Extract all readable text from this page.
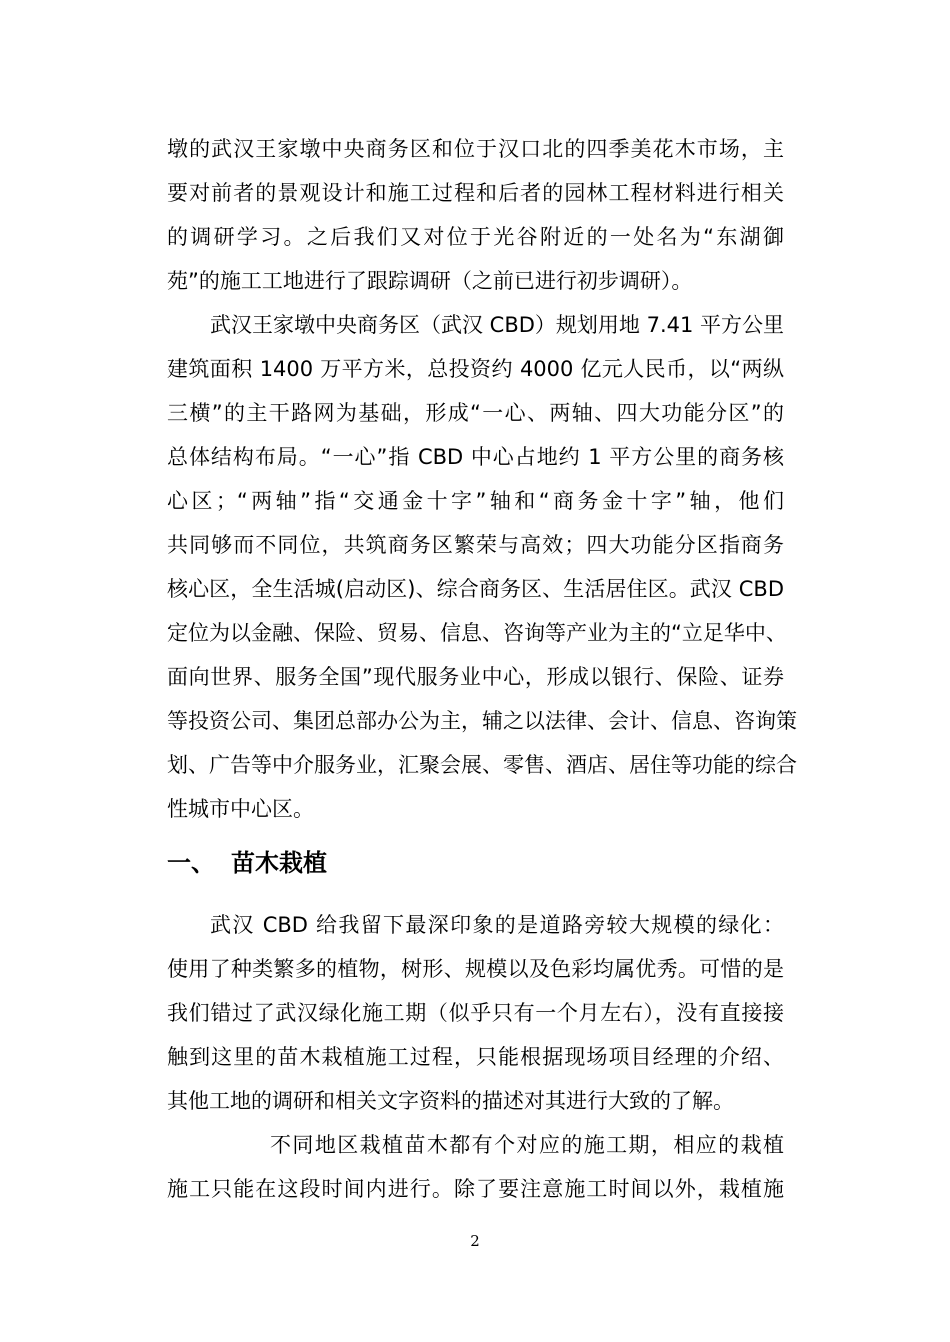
墩的武汉王家墩中央商务区和位于汉口北的四季美花木市场，主
要对前者的景观设计和施工过程和后者的园林工程材料进行相关
的调研学习。之后我们又对位于光谷附近的一处名为“东湖御
苑”的施工工地进行了跟踪调研（之前已进行初步调研）。
武汉王家墩中央商务区（武汉 CBD）规划用地 7.41 平方公里
建筑面积 1400 万平方米，总投资约 4000 亿元人民币，以“两纵
三横”的主干路网为基础，形成“一心、两轴、四大功能分区”的
总体结构布局。“一心”指 CBD 中心占地约 1 平方公里的商务核
心区；“两轴”指“交通金十字”轴和“商务金十字”轴，他们
共同够而不同位，共筑商务区繁荣与高效；四大功能分区指商务
核心区，全生活城(启动区)、综合商务区、生活居住区。武汉 CBD
定位为以金融、保险、贸易、信息、咨询等产业为主的“立足华中、
面向世界、服务全国”现代服务业中心，形成以银行、保险、证券
等投资公司、集团总部办公为主，辅之以法律、会计、信息、咨询策
划、广告等中介服务业，汇聚会展、零售、酒店、居住等功能的综合
性城市中心区。
一、 苗木栽植
武汉 CBD 给我留下最深印象的是道路旁较大规模的绿化：
使用了种类繁多的植物，树形、规模以及色彩均属优秀。可惜的是
我们错过了武汉绿化施工期（似乎只有一个月左右），没有直接接
触到这里的苗木栽植施工过程，只能根据现场项目经理的介绍、
其他工地的调研和相关文字资料的描述对其进行大致的了解。
不同地区栽植苗木都有个对应的施工期，相应的栽植
施工只能在这段时间内进行。除了要注意施工时间以外，栽植施
2
